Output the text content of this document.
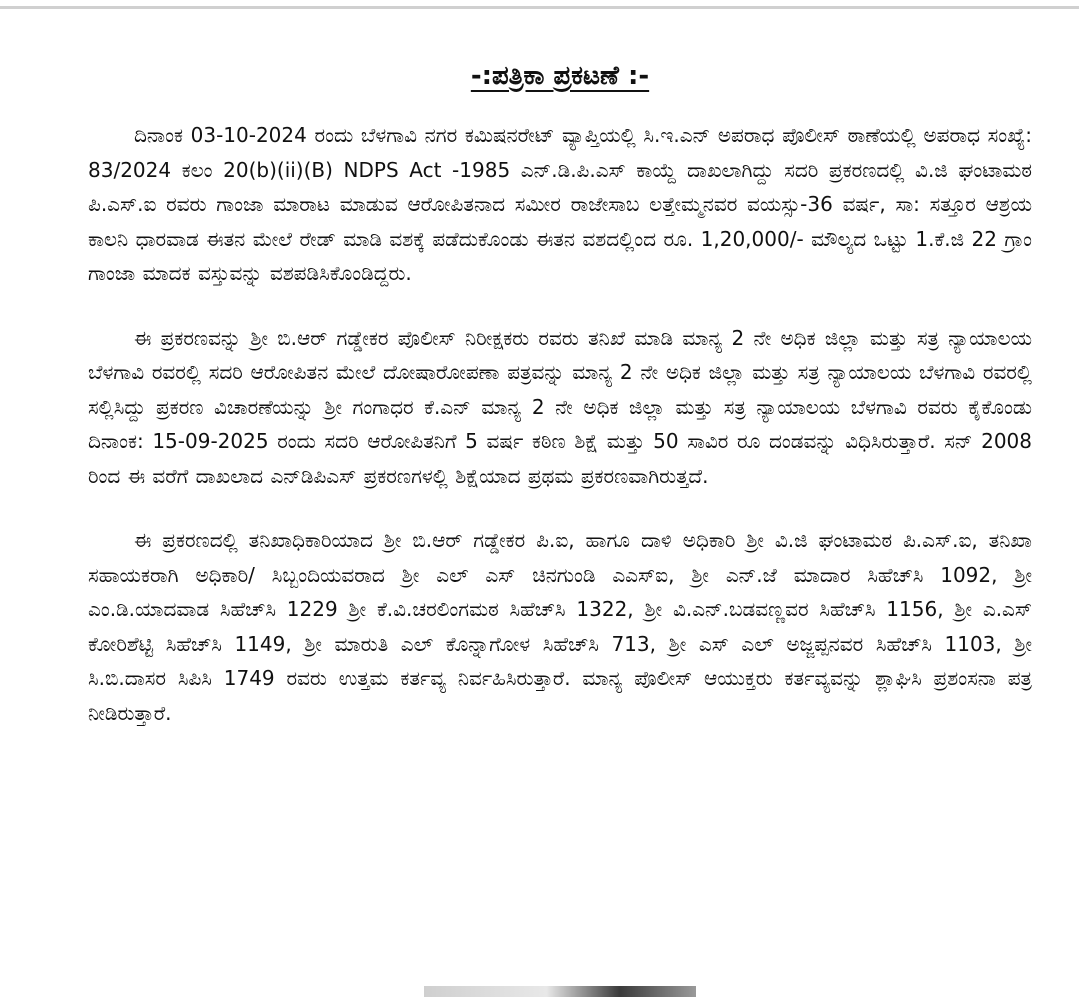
-:ಪತ್ರಿಕಾ ಪ್ರಕಟಣೆ :-

ದಿನಾಂಕ 03-10-2024 ರಂದು ಬೆಳಗಾವಿ ನಗರ ಕಮಿಷನರೇಟ್ ವ್ಯಾಪ್ತಿಯಲ್ಲಿ ಸಿ.ಇ.ಎನ್ ಅಪರಾಧ ಪೊಲೀಸ್ ಠಾಣೆಯಲ್ಲಿ ಅಪರಾಧ ಸಂಖ್ಯೆ: 83/2024 ಕಲಂ 20(b)(ii)(B) NDPS Act -1985 ಎನ್.ಡಿ.ಪಿ.ಎಸ್ ಕಾಯ್ದೆ ದಾಖಲಾಗಿದ್ದು ಸದರಿ ಪ್ರಕರಣದಲ್ಲಿ ವಿ.ಜಿ ಘಂಟಾಮಠ ಪಿ.ಎಸ್.ಐ ರವರು ಗಾಂಜಾ ಮಾರಾಟ ಮಾಡುವ ಆರೋಪಿತನಾದ ಸಮೀರ ರಾಜೇಸಾಬ ಲತ್ತೇಮ್ಮನವರ ವಯಸ್ಸು-36 ವರ್ಷ, ಸಾ: ಸತ್ತೂರ ಆಶ್ರಯ ಕಾಲನಿ ಧಾರವಾಡ ಈತನ ಮೇಲೆ ರೇಡ್ ಮಾಡಿ ವಶಕ್ಕೆ ಪಡೆದುಕೊಂಡು ಈತನ ವಶದಲ್ಲಿಂದ ರೂ. 1,20,000/- ಮೌಲ್ಯದ ಒಟ್ಟು 1.ಕೆ.ಜಿ 22 ಗ್ರಾಂ ಗಾಂಜಾ ಮಾದಕ ವಸ್ತುವನ್ನು ವಶಪಡಿಸಿಕೊಂಡಿದ್ದರು.

ಈ ಪ್ರಕರಣವನ್ನು ಶ್ರೀ ಬಿ.ಆರ್ ಗಡ್ಡೇಕರ ಪೊಲೀಸ್ ನಿರೀಕ್ಷಕರು ರವರು ತನಿಖೆ ಮಾಡಿ ಮಾನ್ಯ 2 ನೇ ಅಧಿಕ ಜಿಲ್ಲಾ ಮತ್ತು ಸತ್ರ ನ್ಯಾಯಾಲಯ ಬೆಳಗಾವಿ ರವರಲ್ಲಿ ಸದರಿ ಆರೋಪಿತನ ಮೇಲೆ ದೋಷಾರೋಪಣಾ ಪತ್ರವನ್ನು ಮಾನ್ಯ 2 ನೇ ಅಧಿಕ ಜಿಲ್ಲಾ ಮತ್ತು ಸತ್ರ ನ್ಯಾಯಾಲಯ ಬೆಳಗಾವಿ ರವರಲ್ಲಿ ಸಲ್ಲಿಸಿದ್ದು ಪ್ರಕರಣ ವಿಚಾರಣೆಯನ್ನು ಶ್ರೀ ಗಂಗಾಧರ ಕೆ.ಎನ್ ಮಾನ್ಯ 2 ನೇ ಅಧಿಕ ಜಿಲ್ಲಾ ಮತ್ತು ಸತ್ರ ನ್ಯಾಯಾಲಯ ಬೆಳಗಾವಿ ರವರು ಕೈಕೊಂಡು ದಿನಾಂಕ: 15-09-2025 ರಂದು ಸದರಿ ಆರೋಪಿತನಿಗೆ 5 ವರ್ಷ ಕಠಿಣ ಶಿಕ್ಷೆ ಮತ್ತು 50 ಸಾವಿರ ರೂ ದಂಡವನ್ನು ವಿಧಿಸಿರುತ್ತಾರೆ. ಸನ್ 2008 ರಿಂದ ಈ ವರೆಗೆ ದಾಖಲಾದ ಎನ್‌ಡಿಪಿಎಸ್ ಪ್ರಕರಣಗಳಲ್ಲಿ ಶಿಕ್ಷೆಯಾದ ಪ್ರಥಮ ಪ್ರಕರಣವಾಗಿರುತ್ತದೆ.

ಈ ಪ್ರಕರಣದಲ್ಲಿ ತನಿಖಾಧಿಕಾರಿಯಾದ ಶ್ರೀ ಬಿ.ಆರ್ ಗಡ್ಡೇಕರ ಪಿ.ಐ, ಹಾಗೂ ದಾಳಿ ಅಧಿಕಾರಿ ಶ್ರೀ ವಿ.ಜಿ ಘಂಟಾಮಠ ಪಿ.ಎಸ್.ಐ, ತನಿಖಾ ಸಹಾಯಕರಾಗಿ ಅಧಿಕಾರಿ/ ಸಿಬ್ಬಂದಿಯವರಾದ ಶ್ರೀ ಎಲ್ ಎಸ್ ಚಿನಗುಂಡಿ ಎಎಸ್ಐ, ಶ್ರೀ ಎನ್.ಜೆ ಮಾದಾರ ಸಿಹೆಚ್‌ಸಿ 1092, ಶ್ರೀ ಎಂ.ಡಿ.ಯಾದವಾಡ ಸಿಹೆಚ್‌ಸಿ 1229 ಶ್ರೀ ಕೆ.ವಿ.ಚರಲಿಂಗಮಠ ಸಿಹೆಚ್‌ಸಿ 1322, ಶ್ರೀ ವಿ.ಎನ್.ಬಡವಣ್ಣವರ ಸಿಹೆಚ್‌ಸಿ 1156, ಶ್ರೀ ಎ.ಎಸ್ ಕೋರಿಶೆಟ್ಟಿ ಸಿಹೆಚ್‌ಸಿ 1149, ಶ್ರೀ ಮಾರುತಿ ಎಲ್ ಕೊನ್ನಾಗೋಳ ಸಿಹೆಚ್‌ಸಿ 713, ಶ್ರೀ ಎಸ್ ಎಲ್ ಅಜ್ಜಪ್ಪನವರ ಸಿಹೆಚ್‌ಸಿ 1103, ಶ್ರೀ ಸಿ.ಬಿ.ದಾಸರ ಸಿಪಿಸಿ 1749 ರವರು ಉತ್ತಮ ಕರ್ತವ್ಯ ನಿರ್ವಹಿಸಿರುತ್ತಾರೆ. ಮಾನ್ಯ ಪೊಲೀಸ್ ಆಯುಕ್ತರು ಕರ್ತವ್ಯವನ್ನು ಶ್ಲಾಘಿಸಿ ಪ್ರಶಂಸನಾ ಪತ್ರ ನೀಡಿರುತ್ತಾರೆ.
